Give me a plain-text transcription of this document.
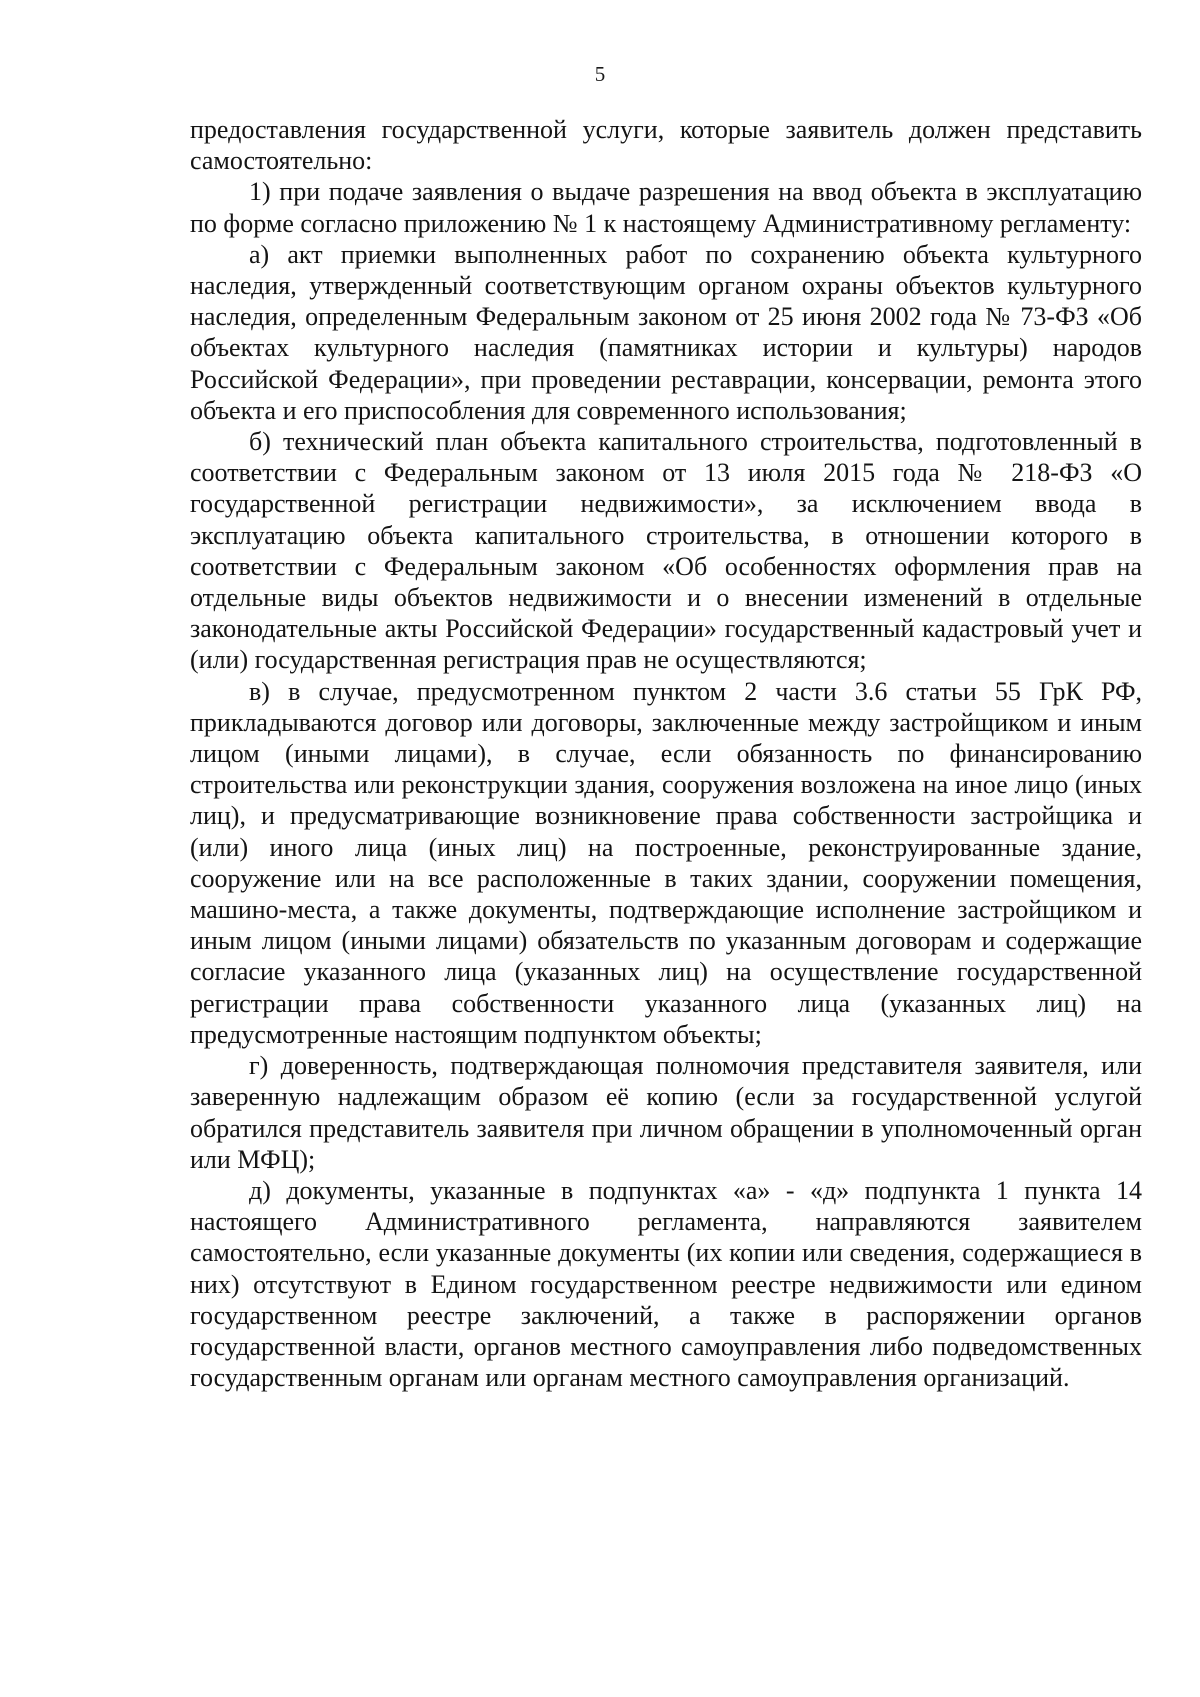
5

предоставления государственной услуги, которые заявитель должен представить самостоятельно:

1) при подаче заявления о выдаче разрешения на ввод объекта в эксплуатацию по форме согласно приложению № 1 к настоящему Административному регламенту:

а) акт приемки выполненных работ по сохранению объекта культурного наследия, утвержденный соответствующим органом охраны объектов культурного наследия, определенным Федеральным законом от 25 июня 2002 года № 73-ФЗ «Об объектах культурного наследия (памятниках истории и культуры) народов Российской Федерации», при проведении реставрации, консервации, ремонта этого объекта и его приспособления для современного использования;

б) технический план объекта капитального строительства, подготовленный в соответствии с Федеральным законом от 13 июля 2015 года № 218-ФЗ «О государственной регистрации недвижимости», за исключением ввода в эксплуатацию объекта капитального строительства, в отношении которого в соответствии с Федеральным законом «Об особенностях оформления прав на отдельные виды объектов недвижимости и о внесении изменений в отдельные законодательные акты Российской Федерации» государственный кадастровый учет и (или) государственная регистрация прав не осуществляются;

в) в случае, предусмотренном пунктом 2 части 3.6 статьи 55 ГрК РФ, прикладываются договор или договоры, заключенные между застройщиком и иным лицом (иными лицами), в случае, если обязанность по финансированию строительства или реконструкции здания, сооружения возложена на иное лицо (иных лиц), и предусматривающие возникновение права собственности застройщика и (или) иного лица (иных лиц) на построенные, реконструированные здание, сооружение или на все расположенные в таких здании, сооружении помещения, машино-места, а также документы, подтверждающие исполнение застройщиком и иным лицом (иными лицами) обязательств по указанным договорам и содержащие согласие указанного лица (указанных лиц) на осуществление государственной регистрации права собственности указанного лица (указанных лиц) на предусмотренные настоящим подпунктом объекты;

г) доверенность, подтверждающая полномочия представителя заявителя, или заверенную надлежащим образом её копию (если за государственной услугой обратился представитель заявителя при личном обращении в уполномоченный орган или МФЦ);

д) документы, указанные в подпунктах «а» - «д» подпункта 1 пункта 14 настоящего Административного регламента, направляются заявителем самостоятельно, если указанные документы (их копии или сведения, содержащиеся в них) отсутствуют в Едином государственном реестре недвижимости или едином государственном реестре заключений, а также в распоряжении органов государственной власти, органов местного самоуправления либо подведомственных государственным органам или органам местного самоуправления организаций.
